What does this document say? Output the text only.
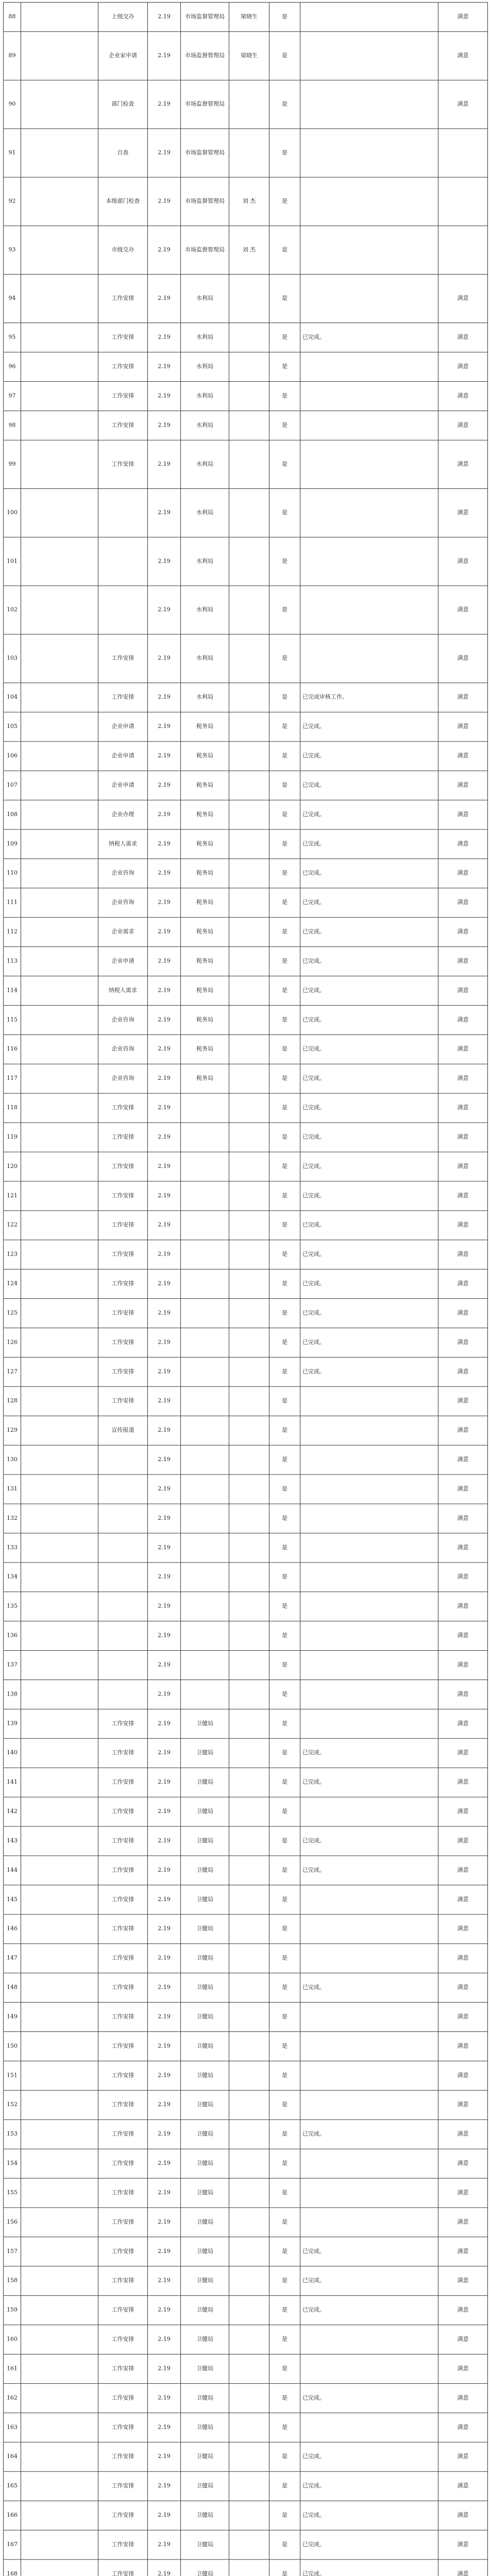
88		上级交办	2.19	市场监督管理局	梁晓生	是		满意
89		企业家申请	2.19	市场监督管理局	梁晓生	是		满意
90		部门检查	2.19	市场监督管理局		是		满意
91		自查	2.19	市场监督管理局		是		
92		本级部门检查	2.19	市场监督管理局	刘 杰	是		
93		市级交办	2.19	市场监督管理局	刘 杰	是		
94		工作安排	2.19	水利局		是		满意
95		工作安排	2.19	水利局		是	已完成。	满意
96		工作安排	2.19	水利局		是		满意
97		工作安排	2.19	水利局		是		满意
98		工作安排	2.19	水利局		是		满意
99		工作安排	2.19	水利局		是		满意
100			2.19	水利局		是		满意
101			2.19	水利局		是		满意
102			2.19	水利局		是		满意
103		工作安排	2.19	水利局		是		满意
104		工作安排	2.19	水利局		是	已完成审核工作。	满意
105		企业申请	2.19	税务局		是	已完成。	满意
106		企业申请	2.19	税务局		是	已完成。	满意
107		企业申请	2.19	税务局		是	已完成。	满意
108		企业办理	2.19	税务局		是	已完成。	满意
109		纳税人需求	2.19	税务局		是	已完成。	满意
110		企业咨询	2.19	税务局		是	已完成。	满意
111		企业咨询	2.19	税务局		是	已完成。	满意
112		企业需求	2.19	税务局		是	已完成。	满意
113		企业申请	2.19	税务局		是	已完成。	满意
114		纳税人需求	2.19	税务局		是	已完成。	满意
115		企业咨询	2.19	税务局		是	已完成。	满意
116		企业咨询	2.19	税务局		是	已完成。	满意
117		企业咨询	2.19	税务局		是	已完成。	满意
118		工作安排	2.19			是	已完成。	满意
119		工作安排	2.19			是	已完成。	满意
120		工作安排	2.19			是	已完成。	满意
121		工作安排	2.19			是	已完成。	满意
122		工作安排	2.19			是	已完成。	满意
123		工作安排	2.19			是	已完成。	满意
124		工作安排	2.19			是	已完成。	满意
125		工作安排	2.19			是	已完成。	满意
126		工作安排	2.19			是	已完成。	满意
127		工作安排	2.19			是	已完成。	满意
128		工作安排	2.19			是		满意
129		宣传报道	2.19			是		满意
130			2.19			是		满意
131			2.19			是		满意
132			2.19			是		满意
133			2.19			是		满意
134			2.19			是		满意
135			2.19			是		满意
136			2.19			是		满意
137			2.19			是		满意
138			2.19			是		满意
139		工作安排	2.19	卫健局		是		满意
140		工作安排	2.19	卫健局		是	已完成。	满意
141		工作安排	2.19	卫健局		是	已完成。	满意
142		工作安排	2.19	卫健局		是		满意
143		工作安排	2.19	卫健局		是	已完成。	满意
144		工作安排	2.19	卫健局		是	已完成。	满意
145		工作安排	2.19	卫健局		是		满意
146		工作安排	2.19	卫健局		是		满意
147		工作安排	2.19	卫健局		是		满意
148		工作安排	2.19	卫健局		是	已完成。	满意
149		工作安排	2.19	卫健局		是		满意
150		工作安排	2.19	卫健局		是		满意
151		工作安排	2.19	卫健局		是		满意
152		工作安排	2.19	卫健局		是		满意
153		工作安排	2.19	卫健局		是	已完成。	满意
154		工作安排	2.19	卫健局		是		满意
155		工作安排	2.19	卫健局		是		满意
156		工作安排	2.19	卫健局		是		满意
157		工作安排	2.19	卫健局		是	已完成。	满意
158		工作安排	2.19	卫健局		是	已完成。	满意
159		工作安排	2.19	卫健局		是	已完成。	满意
160		工作安排	2.19	卫健局		是		满意
161		工作安排	2.19	卫健局		是		满意
162		工作安排	2.19	卫健局		是	已完成。	满意
163		工作安排	2.19	卫健局		是		满意
164		工作安排	2.19	卫健局		是	已完成。	满意
165		工作安排	2.19	卫健局		是	已完成。	满意
166		工作安排	2.19	卫健局		是	已完成。	满意
167		工作安排	2.19	卫健局		是	已完成。	满意
168		工作安排	2.19	卫健局		是	已完成。	满意
